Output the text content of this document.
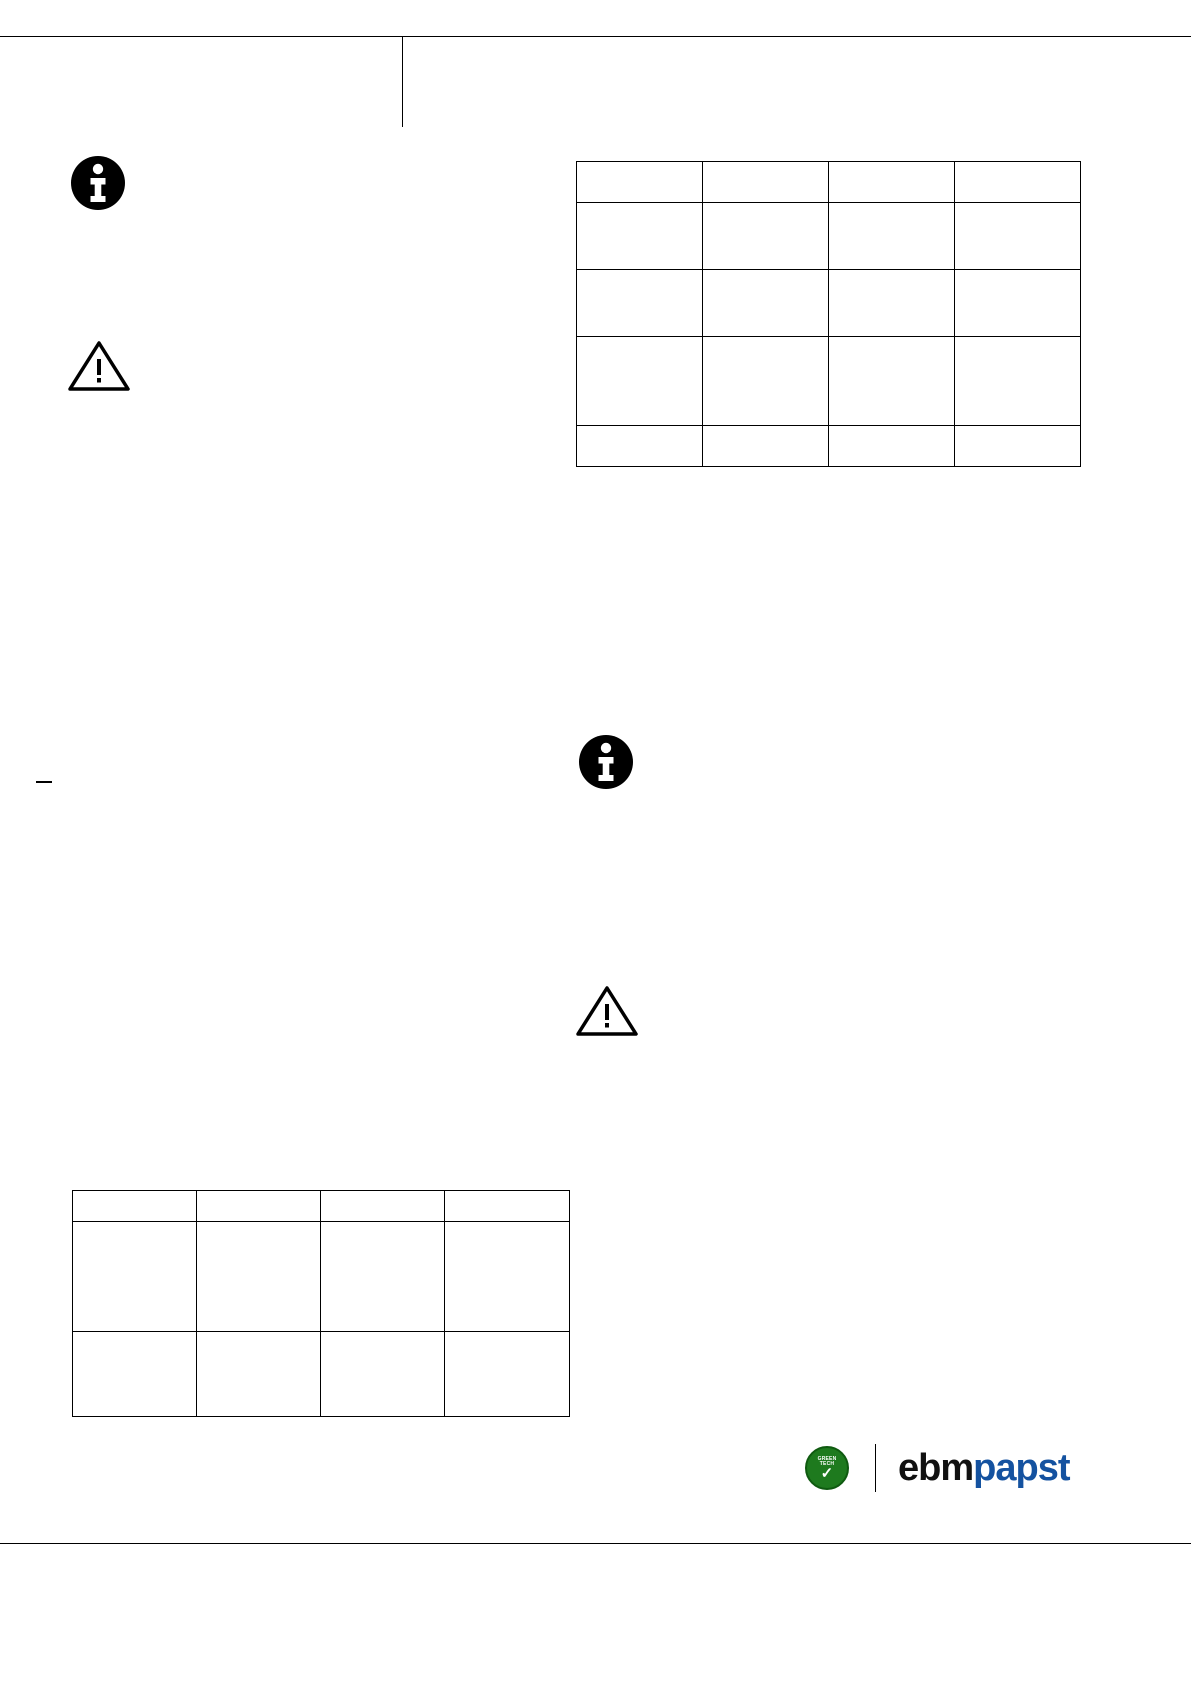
GREEN
TECH
✓ ebmpapst
